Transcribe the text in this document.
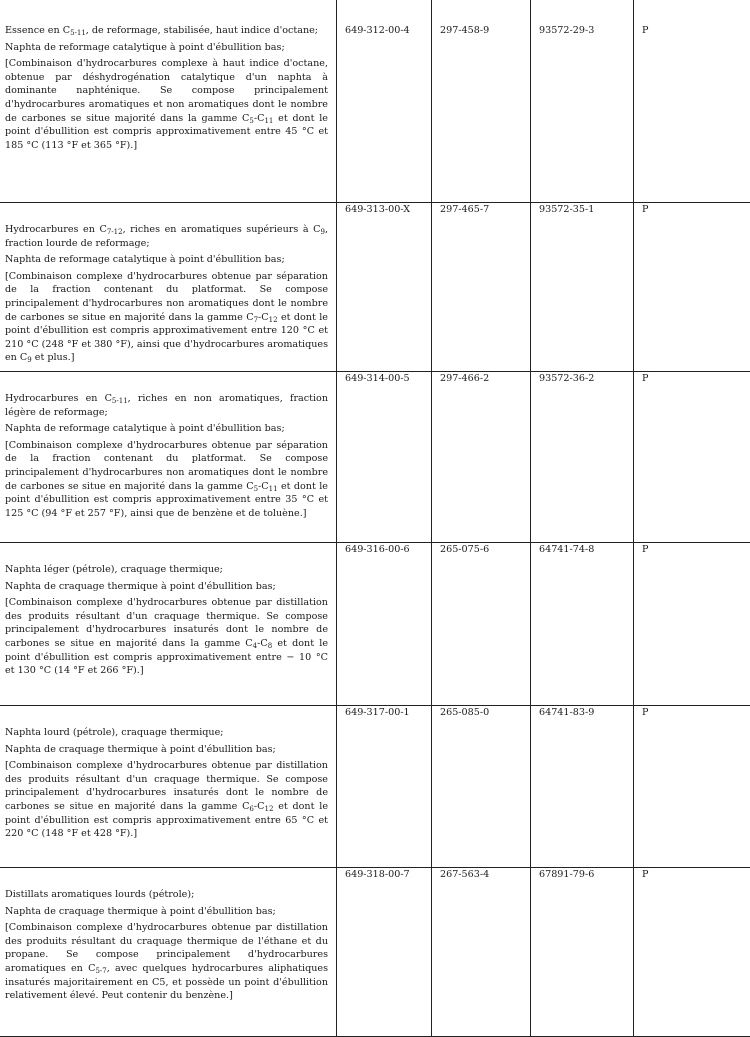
Essence en $C_{5-11}$, de reformage, stabilisée, haut indice d'octane;
Naphta de reformage catalytique à point d'ébullition bas;
[Combinaison d'hydrocarbures complexe à haut indice d'octane, obtenue par déshydrogénation catalytique d'un naphta à dominante naphténique. Se compose principalement d'hydrocarbures aromatiques et non aromatiques dont le nombre de carbones se situe majorité dans la gamme $C_5-C_{11}$ et dont le point d'ébullition est compris approximativement entre 45 °C et 185 °C (113 °F et 365 °F).]	649-312-00-4	297-458-9	93572-29-3	P

Hydrocarbures en $C_{7-12}$, riches en aromatiques supérieurs à $C_9$, fraction lourde de reformage;
Naphta de reformage catalytique à point d'ébullition bas;
[Combinaison complexe d'hydrocarbures obtenue par séparation de la fraction contenant du platformat. Se compose principalement d'hydrocarbures non aromatiques dont le nombre de carbones se situe en majorité dans la gamme $C_7-C_{12}$ et dont le point d'ébullition est compris approximativement entre 120 °C et 210 °C (248 °F et 380 °F), ainsi que d'hydrocarbures aromatiques en $C_9$ et plus.]	649-313-00-X	297-465-7	93572-35-1	P

Hydrocarbures en $C_{5-11}$, riches en non aromatiques, fraction légère de reformage;
Naphta de reformage catalytique à point d'ébullition bas;
[Combinaison complexe d'hydrocarbures obtenue par séparation de la fraction contenant du platformat. Se compose principalement d'hydrocarbures non aromatiques dont le nombre de carbones se situe en majorité dans la gamme $C_5-C_{11}$ et dont le point d'ébullition est compris approximativement entre 35 °C et 125 °C (94 °F et 257 °F), ainsi que de benzène et de toluène.]	649-314-00-5	297-466-2	93572-36-2	P

Naphta léger (pétrole), craquage thermique;
Naphta de craquage thermique à point d'ébullition bas;
[Combinaison complexe d'hydrocarbures obtenue par distillation des produits résultant d'un craquage thermique. Se compose principalement d'hydrocarbures insaturés dont le nombre de carbones se situe en majorité dans la gamme $C_4-C_8$ et dont le point d'ébullition est compris approximativement entre − 10 °C et 130 °C (14 °F et 266 °F).]	649-316-00-6	265-075-6	64741-74-8	P

Naphta lourd (pétrole), craquage thermique;
Naphta de craquage thermique à point d'ébullition bas;
[Combinaison complexe d'hydrocarbures obtenue par distillation des produits résultant d'un craquage thermique. Se compose principalement d'hydrocarbures insaturés dont le nombre de carbones se situe en majorité dans la gamme $C_6-C_{12}$ et dont le point d'ébullition est compris approximativement entre 65 °C et 220 °C (148 °F et 428 °F).]	649-317-00-1	265-085-0	64741-83-9	P

Distillats aromatiques lourds (pétrole);
Naphta de craquage thermique à point d'ébullition bas;
[Combinaison complexe d'hydrocarbures obtenue par distillation des produits résultant du craquage thermique de l'éthane et du propane. Se compose principalement d'hydrocarbures aromatiques en $C_{5-7}$, avec quelques hydrocarbures aliphatiques insaturés majoritairement en C5, et possède un point d'ébullition relativement élevé. Peut contenir du benzène.]	649-318-00-7	267-563-4	67891-79-6	P
